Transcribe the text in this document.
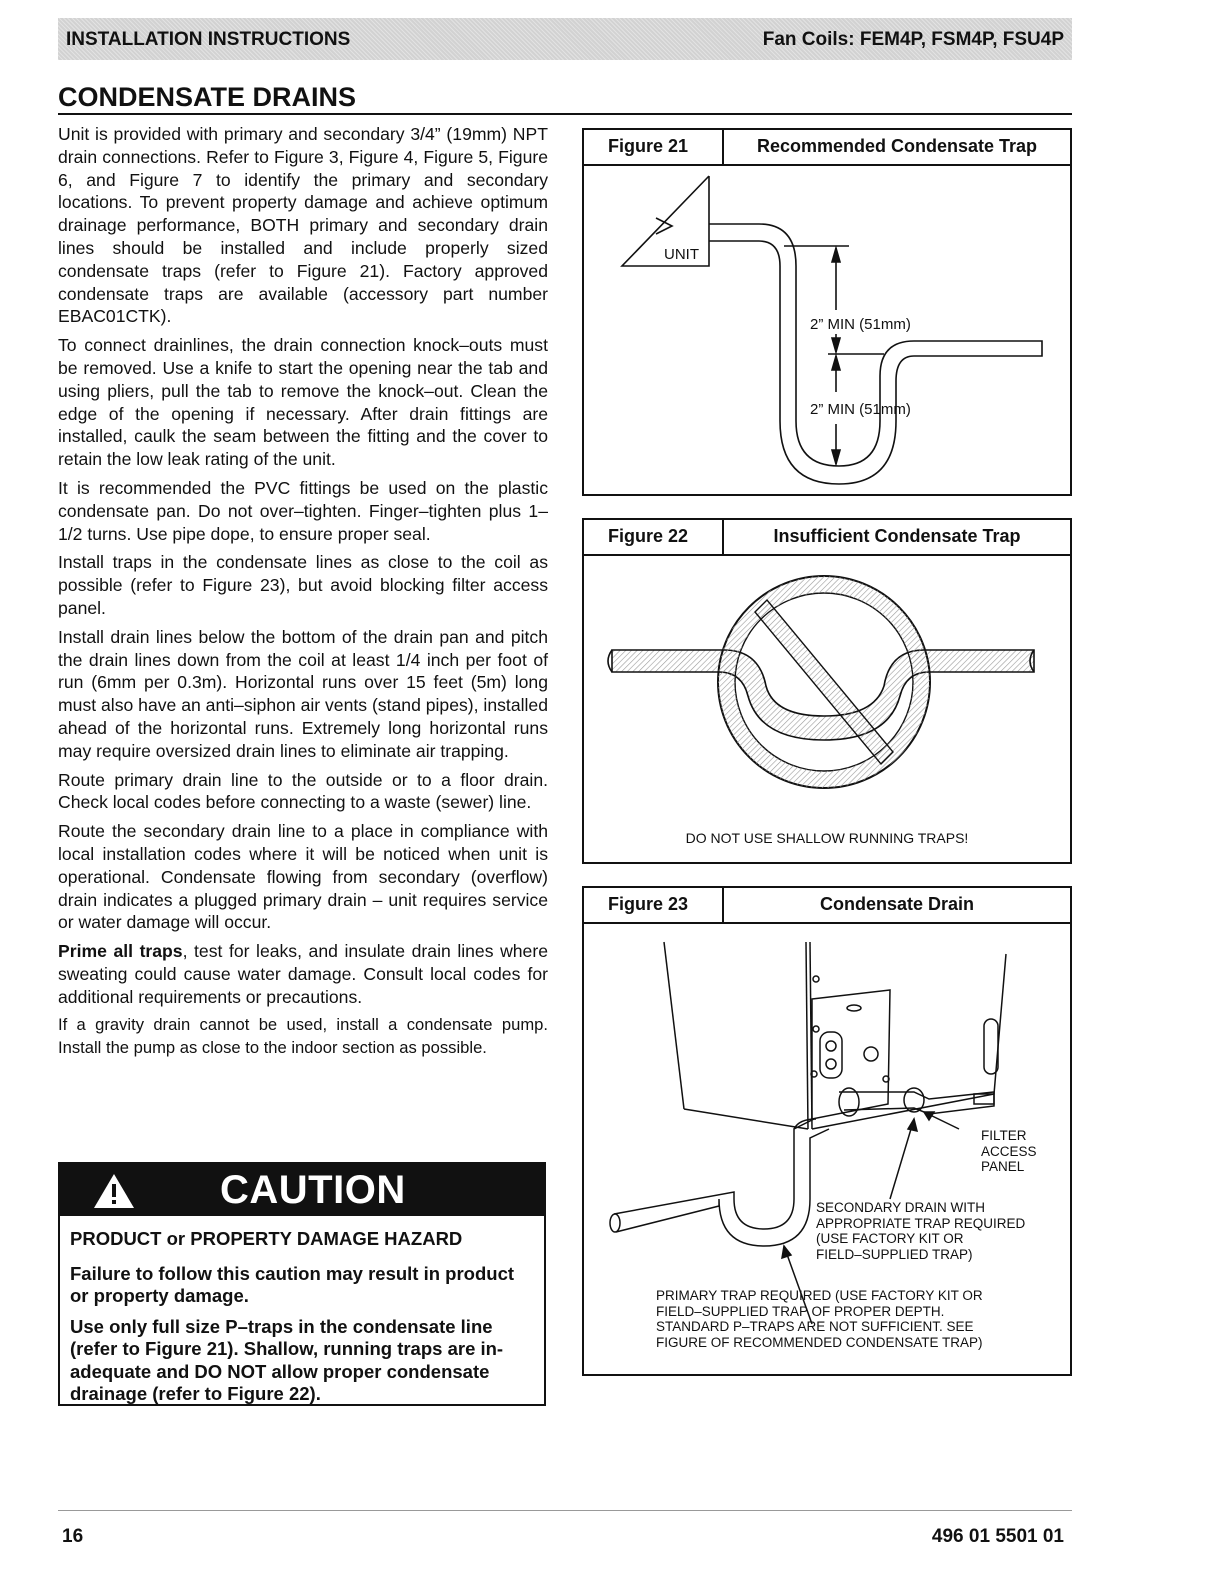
INSTALLATION INSTRUCTIONS	Fan Coils: FEM4P, FSM4P, FSU4P
CONDENSATE DRAINS

Unit is provided with primary and secondary 3/4” (19mm) NPT drain connections. Refer to Figure 3, Figure 4, Figure 5, Figure 6, and Figure 7 to identify the primary and secondary locations. To prevent property damage and achieve optimum drainage performance, BOTH primary and secondary drain lines should be installed and include properly sized condensate traps (refer to Figure 21). Factory approved condensate traps are available (accessory part number EBAC01CTK).

To connect drainlines, the drain connection knock–outs must be removed. Use a knife to start the opening near the tab and using pliers, pull the tab to remove the knock–out. Clean the edge of the opening if necessary. After drain fittings are installed, caulk the seam between the fitting and the cover to retain the low leak rating of the unit.

It is recommended the PVC fittings be used on the plastic condensate pan. Do not over–tighten. Finger–tighten plus 1–1/2 turns. Use pipe dope, to ensure proper seal.

Install traps in the condensate lines as close to the coil as possible (refer to Figure 23), but avoid blocking filter access panel.

Install drain lines below the bottom of the drain pan and pitch the drain lines down from the coil at least 1/4 inch per foot of run (6mm per 0.3m). Horizontal runs over 15 feet (5m) long must also have an anti–siphon air vents (stand pipes), installed ahead of the horizontal runs. Extremely long horizontal runs may require oversized drain lines to eliminate air trapping.

Route primary drain line to the outside or to a floor drain. Check local codes before connecting to a waste (sewer) line.

Route the secondary drain line to a place in compliance with local installation codes where it will be noticed when unit is operational. Condensate flowing from secondary (overflow) drain indicates a plugged primary drain – unit requires service or water damage will occur.

Prime all traps, test for leaks, and insulate drain lines where sweating could cause water damage. Consult local codes for additional requirements or precautions.

If a gravity drain cannot be used, install a condensate pump. Install the pump as close to the indoor section as possible.

CAUTION

PRODUCT or PROPERTY DAMAGE HAZARD

Failure to follow this caution may result in product or property damage.

Use only full size P–traps in the condensate line (refer to Figure 21). Shallow, running traps are in-adequate and DO NOT allow proper condensate drainage (refer to Figure 22).

Figure 21	Recommended Condensate Trap
UNIT
2” MIN (51mm)
2” MIN (51mm)
Figure 22	Insufficient Condensate Trap
DO NOT USE SHALLOW RUNNING TRAPS!
Figure 23	Condensate Drain
FILTER
ACCESS
PANEL
SECONDARY DRAIN WITH
APPROPRIATE TRAP REQUIRED
(USE FACTORY KIT OR
FIELD–SUPPLIED TRAP)
PRIMARY TRAP REQUIRED (USE FACTORY KIT OR
FIELD–SUPPLIED TRAP OF PROPER DEPTH.
STANDARD P–TRAPS ARE NOT SUFFICIENT. SEE
FIGURE OF RECOMMENDED CONDENSATE TRAP)
16	496 01 5501 01
